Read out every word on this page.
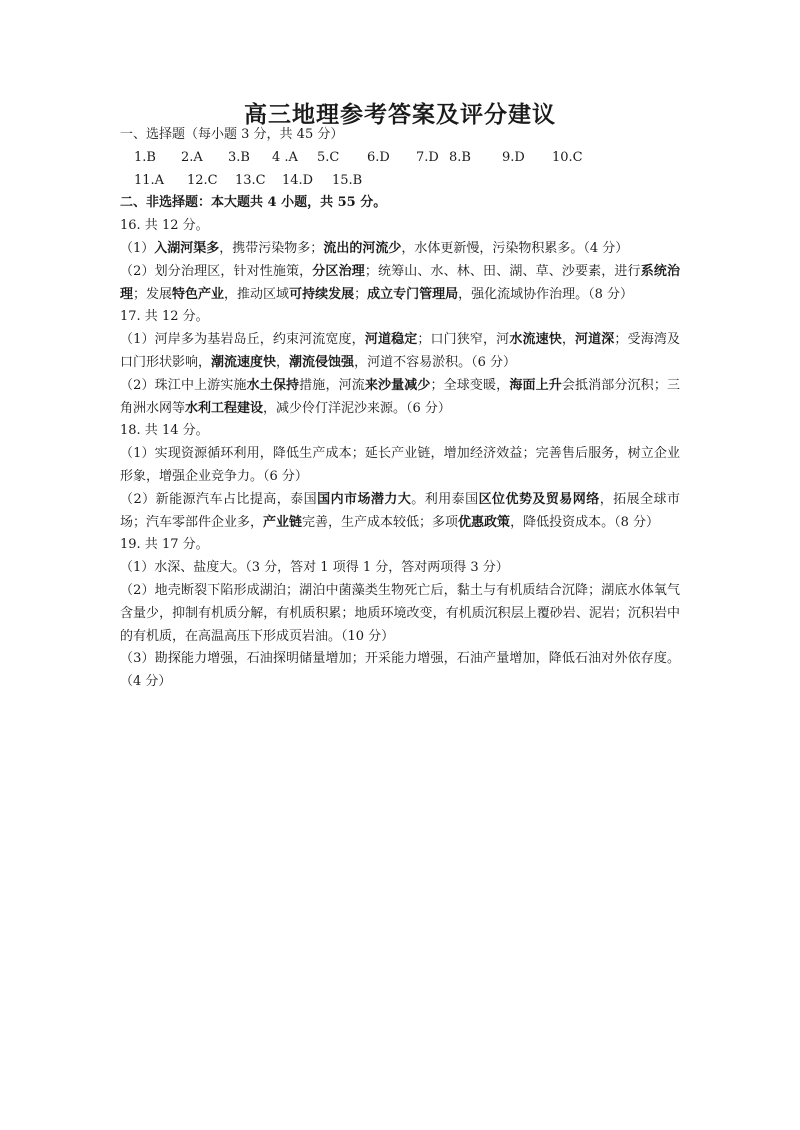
高三地理参考答案及评分建议
一、选择题（每小题 3 分，共 45 分）
1.B	2.A	3.B	4 .A	5.C	6.D	7.D 8.B	9.D	10.C
11.A	12.C	13.C	14.D	15.B
二、非选择题：本大题共 4 小题，共 55 分。
16. 共 12 分。
（1）入湖河渠多，携带污染物多；流出的河流少，水体更新慢，污染物积累多。（4 分）
（2）划分治理区，针对性施策，分区治理；统筹山、水、林、田、湖、草、沙要素，进行系统治理；发展特色产业，推动区域可持续发展；成立专门管理局，强化流域协作治理。（8 分）
17. 共 12 分。
（1）河岸多为基岩岛丘，约束河流宽度，河道稳定；口门狭窄，河水流速快，河道深；受海湾及口门形状影响，潮流速度快，潮流侵蚀强，河道不容易淤积。（6 分）
（2）珠江中上游实施水土保持措施，河流来沙量减少；全球变暖，海面上升会抵消部分沉积；三角洲水网等水利工程建设，减少伶仃洋泥沙来源。（6 分）
18. 共 14 分。
（1）实现资源循环利用，降低生产成本；延长产业链，增加经济效益；完善售后服务，树立企业形象，增强企业竞争力。（6 分）
（2）新能源汽车占比提高，泰国国内市场潜力大。利用泰国区位优势及贸易网络，拓展全球市场；汽车零部件企业多，产业链完善，生产成本较低；多项优惠政策，降低投资成本。（8 分）
19. 共 17 分。
（1）水深、盐度大。（3 分，答对 1 项得 1 分，答对两项得 3 分）
（2）地壳断裂下陷形成湖泊；湖泊中菌藻类生物死亡后，黏土与有机质结合沉降；湖底水体氧气含量少，抑制有机质分解，有机质积累；地质环境改变，有机质沉积层上覆砂岩、泥岩；沉积岩中的有机质，在高温高压下形成页岩油。（10 分）
（3）勘探能力增强，石油探明储量增加；开采能力增强，石油产量增加，降低石油对外依存度。（4 分）
